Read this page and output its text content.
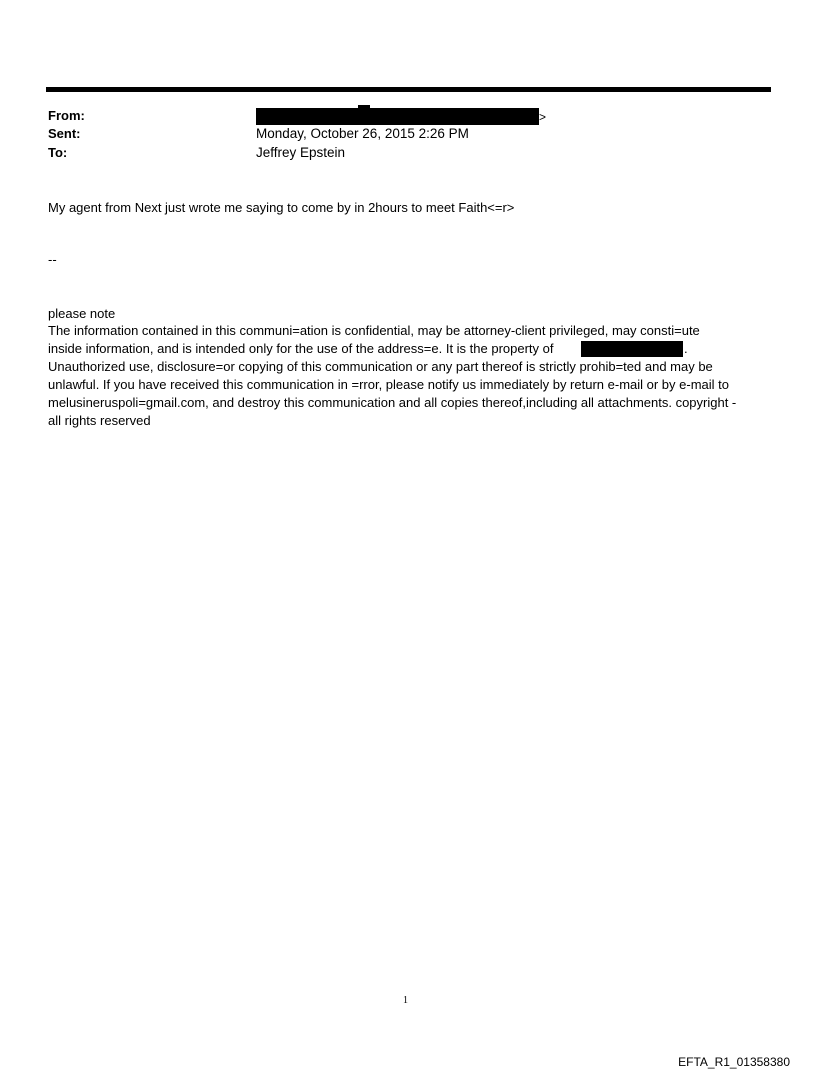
From:	>
Sent:	Monday, October 26, 2015 2:26 PM
To:	Jeffrey Epstein
My agent from Next just wrote me saying to come by in 2hours to meet Faith<=r>
--
please note
The information contained in this communi=ation is confidential, may be attorney-client privileged, may consti=ute
inside information, and is intended only for the use of the address=e. It is the property of	.
Unauthorized use, disclosure=or copying of this communication or any part thereof is strictly prohib=ted and may be
unlawful. If you have received this communication in =rror, please notify us immediately by return e-mail or by e-mail to
melusineruspoli=gmail.com, and destroy this communication and all copies thereof,including all attachments. copyright -
all rights reserved
1
EFTA_R1_01358380
